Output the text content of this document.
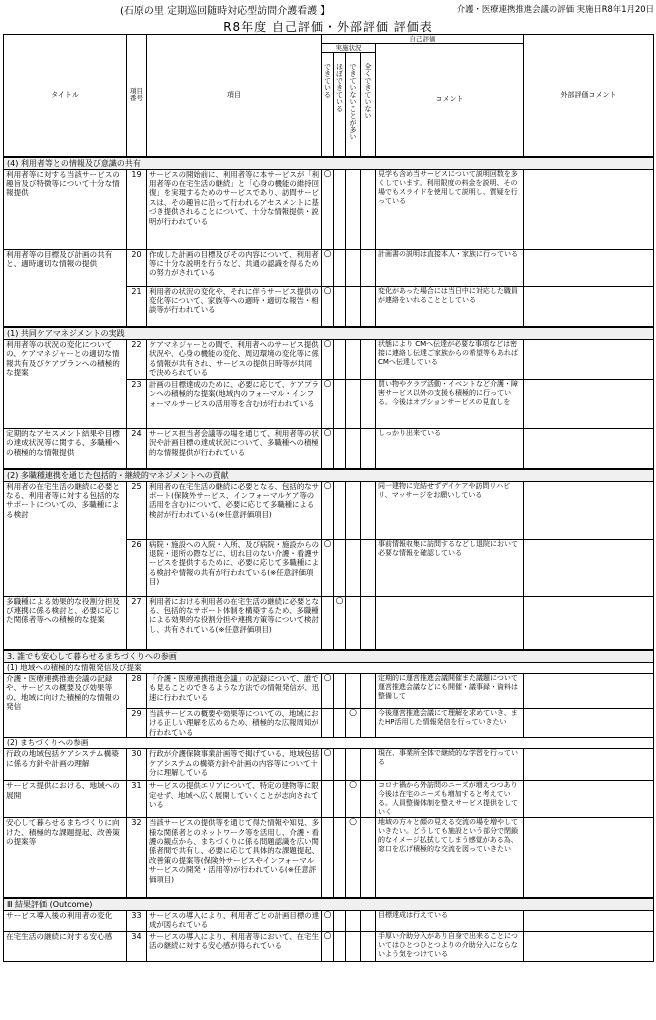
(石原の里 定期巡回随時対応型訪問介護看護 】	介護・医療連携推進会議の評価 実施日R8年1月20日
R8年度 自己評価・外部評価 評価表
タイトル	項目番号	項目	自己評価					外部評価コメント
			実施状況				コメント	

			できている	ほぼできている	できていないことが多い	全くできていない		

(4) 利用者等との情報及び意識の共有								
利用者等に対する当該サービスの趣旨及び特徴等について十分な情報提供	19	サービスの開始前に、利用者等に本サービスが「利用者等の在宅生活の継続」と「心身の機能の維持回復」を実現するためのサービスであり、訪問サービスは、その趣旨に沿って行われるアセスメントに基づき提供されることについて、十分な情報提供・説明が行われている	○				見学も含め当サービスについて説明回数を多くしています。利用限度の料金を説明、その場でもスライドを使用して説明し、質疑を行っている	
利用者等の目標及び計画の共有と、適時適切な情報の提供	20	作成した計画の目標及びその内容について、利用者等に十分な説明を行うなど、共通の認識を得るための努力がされている	○				計画書の説明は直接本人・家族に行っている	
	21	利用者の状況の変化や、それに伴うサービス提供の変化等について、家族等への適時・適切な報告・相談等が行われている	○				変化があった場合には当日中に対応した職員が連絡をいれることとしている	
(1) 共同ケアマネジメントの実践								
利用者等の状況の変化についての、ケアマネジャーとの適切な情報共有及びケアプランへの積極的な提案	22	ケアマネジャーとの間で、利用者へのサービス提供状況や、心身の機能の変化、周辺環境の変化等に係る情報が共有され、サービスの提供日時等が共同で決められている	○				状態により CMへ伝達が必要な事項などは密接に連絡し伝達ご家族からの希望等もあれば CMへ伝達している	
	23	計画の目標達成のために、必要に応じて、ケアプランへの積極的な提案(地域内のフォーマル・インフォーマルサービスの活用等を含む)が行われている	○				買い物やクラブ活動・イベントなど介護・障害サービス以外の支援も積極的に行っている。今後はオプションサービスの見直しを	
定期的なアセスメント結果や目標の達成状況等に関する、多職種への積極的な情報提供	24	サービス担当者会議等の場を通じて、利用者等の状況や計画目標の達成状況について、多職種への積極的な情報提供が行われている	○				しっかり出来ている	
(2) 多職種連携を通じた包括的・継続的マネジメントへの貢献								
利用者の在宅生活の継続に必要となる、利用者等に対する包括的なサポートについての、多職種による検討	25	利用者の在宅生活の継続に必要となる、包括的なサポート(保険外サービス、インフォーマルケア等の活用を含む)について、必要に応じて多職種による検討が行われている(※任意評価項目)	○				同一建物に完結せずデイケアや訪問リハビリ、マッサージをお願いしている	
	26	病院・施設への入院・入所、及び病院・施設からの退院・退所の際などに、切れ目のない介護・看護サービスを提供するために、必要に応じて多職種による検討や情報の共有が行われている(※任意評価項目)	○				事前情報収集に訪問するなどし退院において必要な情報を確認している	
多職種による効果的な役割分担及び連携に係る検討と、必要に応じた関係者等への積極的な提案	27	利用者における利用者の在宅生活の継続に必要となる、包括的なサポート体制を構築するため、多職種による効果的な役割分担や連携方策等について検討し、共有されている(※任意評価項目)		○				
3. 誰でも安心して暮らせるまちづくりへの参画								
(1) 地域への積極的な情報発信及び提案								
介護・医療連携推進会議の記録や、サービスの概要及び効果等の、地域に向けた積極的な情報の発信	28	「介護・医療連携推進会議」の記録について、誰でも見ることのできるような方法での情報発信が、迅速に行われている	○				定期的に運営推進会議開催また議題について運営推進会議などにも開催・議事録・資料は整備して	
	29	当該サービスの概要や効果等についての、地域における正しい理解を広めるため、積極的な広報周知が行われている			○		今後運営推進会議にて理解を求めていき、またHP活用した情報発信を行っていきたい	
(2) まちづくりへの参画								
行政の地域包括ケアシステム構築に係る方針や計画の理解	30	行政が介護保険事業計画等で掲げている、地域包括ケアシステムの構築方針や計画の内容等について十分に理解している	○				現在、事業所全体で継続的な学習を行っている	
サービス提供における、地域への展開	31	サービスの提供エリアについて、特定の建物等に限定せず、地域へ広く展開していくことが志向されている			○		コロナ禍から外訪問のニーズが増えつつあり今後は在宅のニーズも増加すると考えている。人員整備体制を整えサービス提供をしていく	
安心して暮らせるまちづくりに向けた、積極的な課題提起、改善策の提案等	32	当該サービスの提供等を通じて得た情報や知見、多様な関係者とのネットワーク等を活用し、介護・看護の観点から、まちづくりに係る問題認識を広い関係者間で共有し、必要に応じて具体的な課題提起、改善策の提案等(保険外サービスやインフォーマルサービスの開発・活用等)が行われている(※任意評価項目)			○		地域の方々と顔の見える交流の場を増やしていきたい。どうしても施設という部分で閉鎖的なイメージ払拭してしまう感覚がある為、窓口を広げ積極的な交流を図っていきたい	
Ⅲ 結果評価 (Outcome)								
サービス導入後の利用者の変化	33	サービスの導入により、利用者ごとの計画目標の達成が図られている	○				目標達成は行えている	
在宅生活の継続に対する安心感	34	サービスの導入により、利用者等において、在宅生活の継続に対する安心感が得られている	○				手厚い介助分入があり自身で出来ることについてはひとつひとつよりの介助分入にならないよう気をつけている	
